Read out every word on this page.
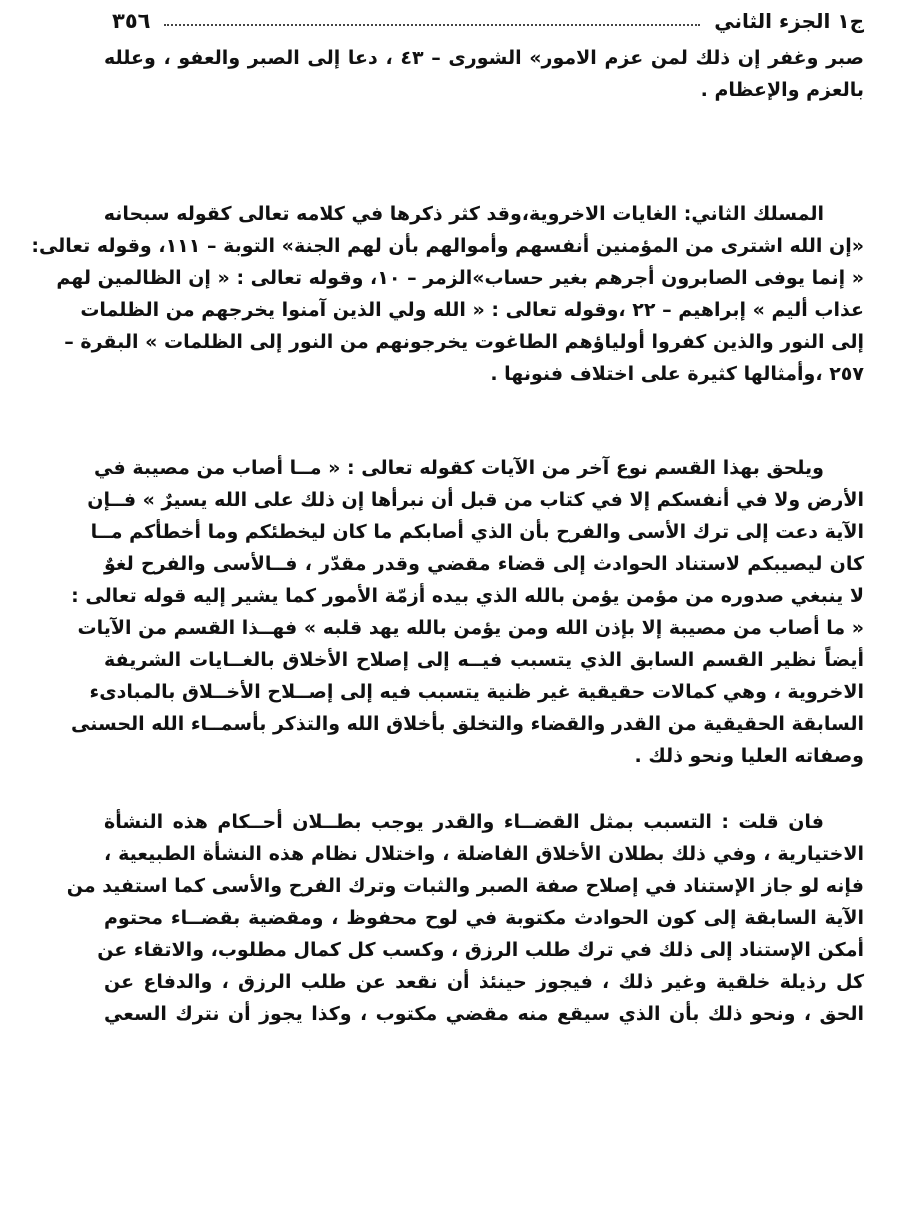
ج١ الجزء الثاني
٣٥٦
صبر وغفر إن ذلك لمن عزم الامور» الشورى – ٤٣ ، دعا إلى الصبر والعفو ، وعلله
بالعزم والإعظام .
المسلك الثاني: الغايات الاخروية،وقد كثر ذكرها في كلامه تعالى كقوله سبحانه
«إن الله اشترى من المؤمنين أنفسهم وأموالهم بأن لهم الجنة» التوبة – ١١١، وقوله تعالى:
« إنما يوفى الصابرون أجرهم بغير حساب»الزمر – ١٠، وقوله تعالى : « إن الظالمين لهم
عذاب أليم » إبراهيم – ٢٢ ،وقوله تعالى : « الله ولي الذين آمنوا يخرجهم من الظلمات
إلى النور والذين كفروا أولياؤهم الطاغوت يخرجونهم من النور إلى الظلمات » البقرة –
٢٥٧ ،وأمثالها كثيرة على اختلاف فنونها .
ويلحق بهذا القسم نوع آخر من الآيات كقوله تعالى : « مــا أصاب من مصيبة في
الأرض ولا في أنفسكم إلا في كتاب من قبل أن نبرأها إن ذلك على الله يسيرٌ » فــإن
الآية دعت إلى ترك الأسى والفرح بأن الذي أصابكم ما كان ليخطئكم وما أخطأكم مــا
كان ليصيبكم لاستناد الحوادث إلى قضاء مقضي وقدر مقدّر ، فــالأسى والفرح لغوٌ
لا ينبغي صدوره من مؤمن يؤمن بالله الذي بيده أزمّة الأمور كما يشير إليه قوله تعالى :
« ما أصاب من مصيبة إلا بإذن الله ومن يؤمن بالله يهد قلبه » فهــذا القسم من الآيات
أيضاً نظير القسم السابق الذي يتسبب فيــه إلى إصلاح الأخلاق بالغــايات الشريفة
الاخروية ، وهي كمالات حقيقية غير ظنية يتسبب فيه إلى إصــلاح الأخــلاق بالمبادىء
السابقة الحقيقية من القدر والقضاء والتخلق بأخلاق الله والتذكر بأسمــاء الله الحسنى
وصفاته العليا ونحو ذلك .
فان قلت : التسبب بمثل القضــاء والقدر يوجب بطــلان أحــكام هذه النشأة
الاختيارية ، وفي ذلك بطلان الأخلاق الفاضلة ، واختلال نظام هذه النشأة الطبيعية ،
فإنه لو جاز الإستناد في إصلاح صفة الصبر والثبات وترك الفرح والأسى كما استفيد من
الآية السابقة إلى كون الحوادث مكتوبة في لوح محفوظ ، ومقضية بقضــاء محتوم
أمكن الإستناد إلى ذلك في ترك طلب الرزق ، وكسب كل كمال مطلوب، والاتقاء عن
كل رذيلة خلقية وغير ذلك ، فيجوز حينئذ أن نقعد عن طلب الرزق ، والدفاع عن
الحق ، ونحو ذلك بأن الذي سيقع منه مقضي مكتوب ، وكذا يجوز أن نترك السعي
